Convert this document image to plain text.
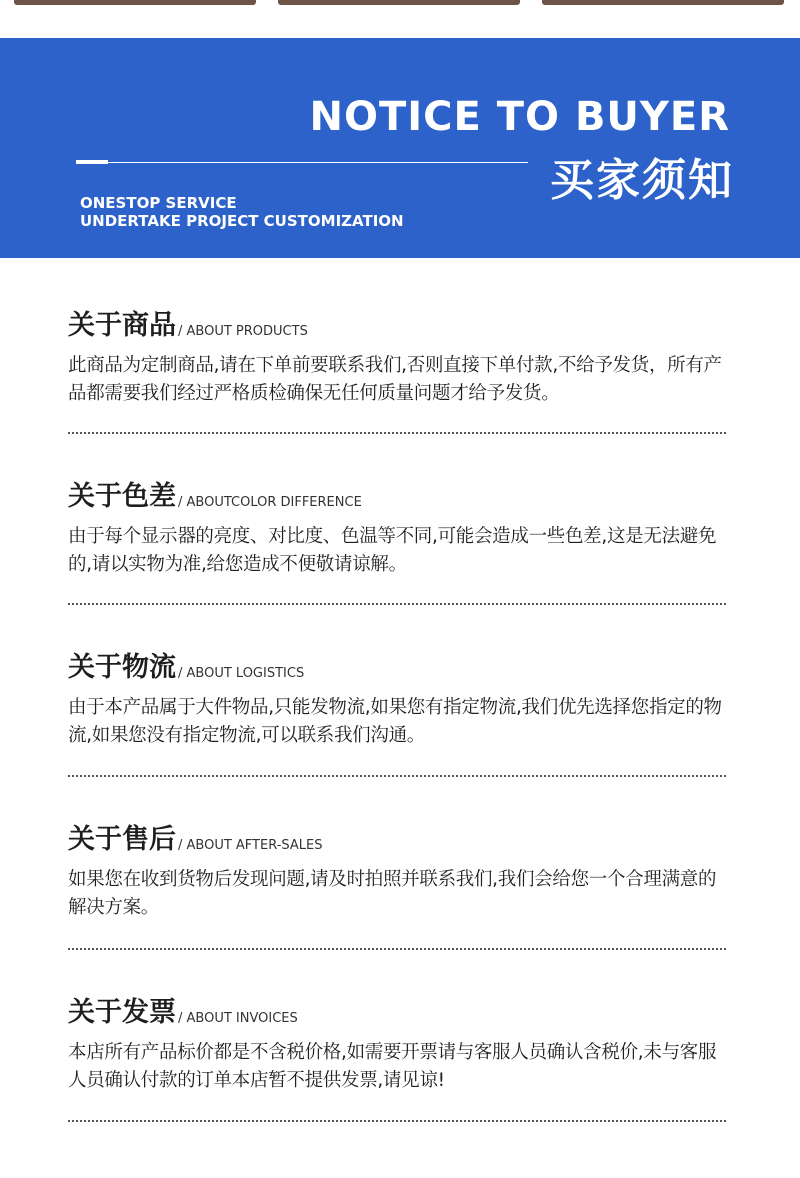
NOTICE TO BUYER
买家须知
ONESTOP SERVICE
UNDERTAKE PROJECT CUSTOMIZATION
关于商品 / ABOUT PRODUCTS
此商品为定制商品,请在下单前要联系我们,否则直接下单付款,不给予发货，所有产品都需要我们经过严格质检确保无任何质量问题才给予发货。
关于色差 / ABOUTCOLOR DIFFERENCE
由于每个显示器的亮度、对比度、色温等不同,可能会造成一些色差,这是无法避免的,请以实物为准,给您造成不便敬请谅解。
关于物流 / ABOUT LOGISTICS
由于本产品属于大件物品,只能发物流,如果您有指定物流,我们优先选择您指定的物流,如果您没有指定物流,可以联系我们沟通。
关于售后 / ABOUT AFTER-SALES
如果您在收到货物后发现问题,请及时拍照并联系我们,我们会给您一个合理满意的解决方案。
关于发票 / ABOUT INVOICES
本店所有产品标价都是不含税价格,如需要开票请与客服人员确认含税价,未与客服人员确认付款的订单本店暂不提供发票,请见谅!
